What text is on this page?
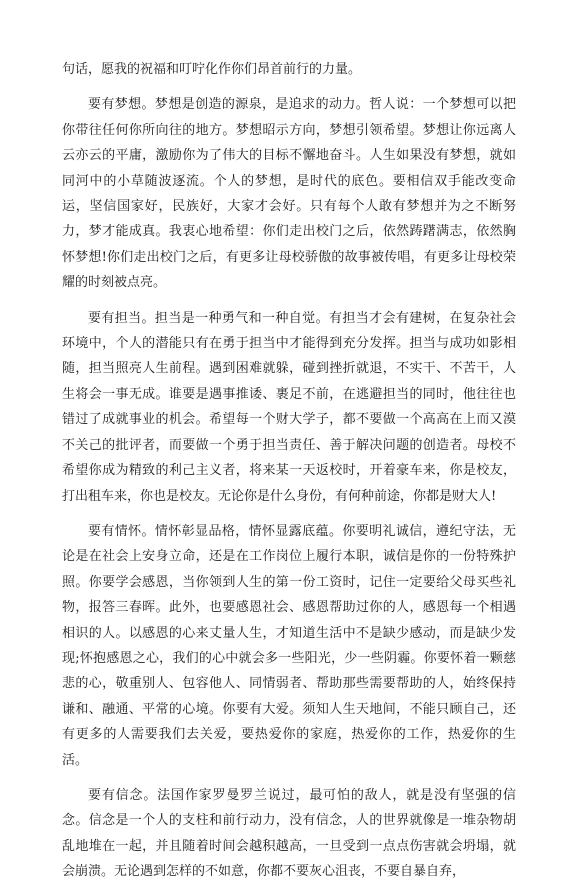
句话，愿我的祝福和叮咛化作你们昂首前行的力量。

要有梦想。梦想是创造的源泉，是追求的动力。哲人说：一个梦想可以把你带往任何你所向往的地方。梦想昭示方向，梦想引领希望。梦想让你远离人云亦云的平庸，激励你为了伟大的目标不懈地奋斗。人生如果没有梦想，就如同河中的小草随波逐流。个人的梦想，是时代的底色。要相信双手能改变命运，坚信国家好，民族好，大家才会好。只有每个人敢有梦想并为之不断努力，梦才能成真。我衷心地希望：你们走出校门之后，依然踌躇满志，依然胸怀梦想!你们走出校门之后，有更多让母校骄傲的故事被传唱，有更多让母校荣耀的时刻被点亮。

要有担当。担当是一种勇气和一种自觉。有担当才会有建树，在复杂社会环境中，个人的潜能只有在勇于担当中才能得到充分发挥。担当与成功如影相随，担当照亮人生前程。遇到困难就躲，碰到挫折就退，不实干、不苦干，人生将会一事无成。谁要是遇事推诿、裹足不前，在逃避担当的同时，他往往也错过了成就事业的机会。希望每一个财大学子，都不要做一个高高在上而又漠不关己的批评者，而要做一个勇于担当责任、善于解决问题的创造者。母校不希望你成为精致的利己主义者，将来某一天返校时，开着豪车来，你是校友，打出租车来，你也是校友。无论你是什么身份，有何种前途，你都是财大人!

要有情怀。情怀彰显品格，情怀显露底蕴。你要明礼诚信，遵纪守法，无论是在社会上安身立命，还是在工作岗位上履行本职，诚信是你的一份特殊护照。你要学会感恩，当你领到人生的第一份工资时，记住一定要给父母买些礼物，报答三春晖。此外，也要感恩社会、感恩帮助过你的人，感恩每一个相遇相识的人。以感恩的心来丈量人生，才知道生活中不是缺少感动，而是缺少发现;怀抱感恩之心，我们的心中就会多一些阳光，少一些阴霾。你要怀着一颗慈悲的心，敬重别人、包容他人、同情弱者、帮助那些需要帮助的人，始终保持谦和、融通、平常的心境。你要有大爱。须知人生天地间，不能只顾自己，还有更多的人需要我们去关爱，要热爱你的家庭，热爱你的工作，热爱你的生活。

要有信念。法国作家罗曼罗兰说过，最可怕的敌人，就是没有坚强的信念。信念是一个人的支柱和前行动力，没有信念，人的世界就像是一堆杂物胡乱地堆在一起，并且随着时间会越积越高，一旦受到一点点伤害就会坍塌，就会崩溃。无论遇到怎样的不如意，你都不要灰心沮丧，不要自暴自弃，
